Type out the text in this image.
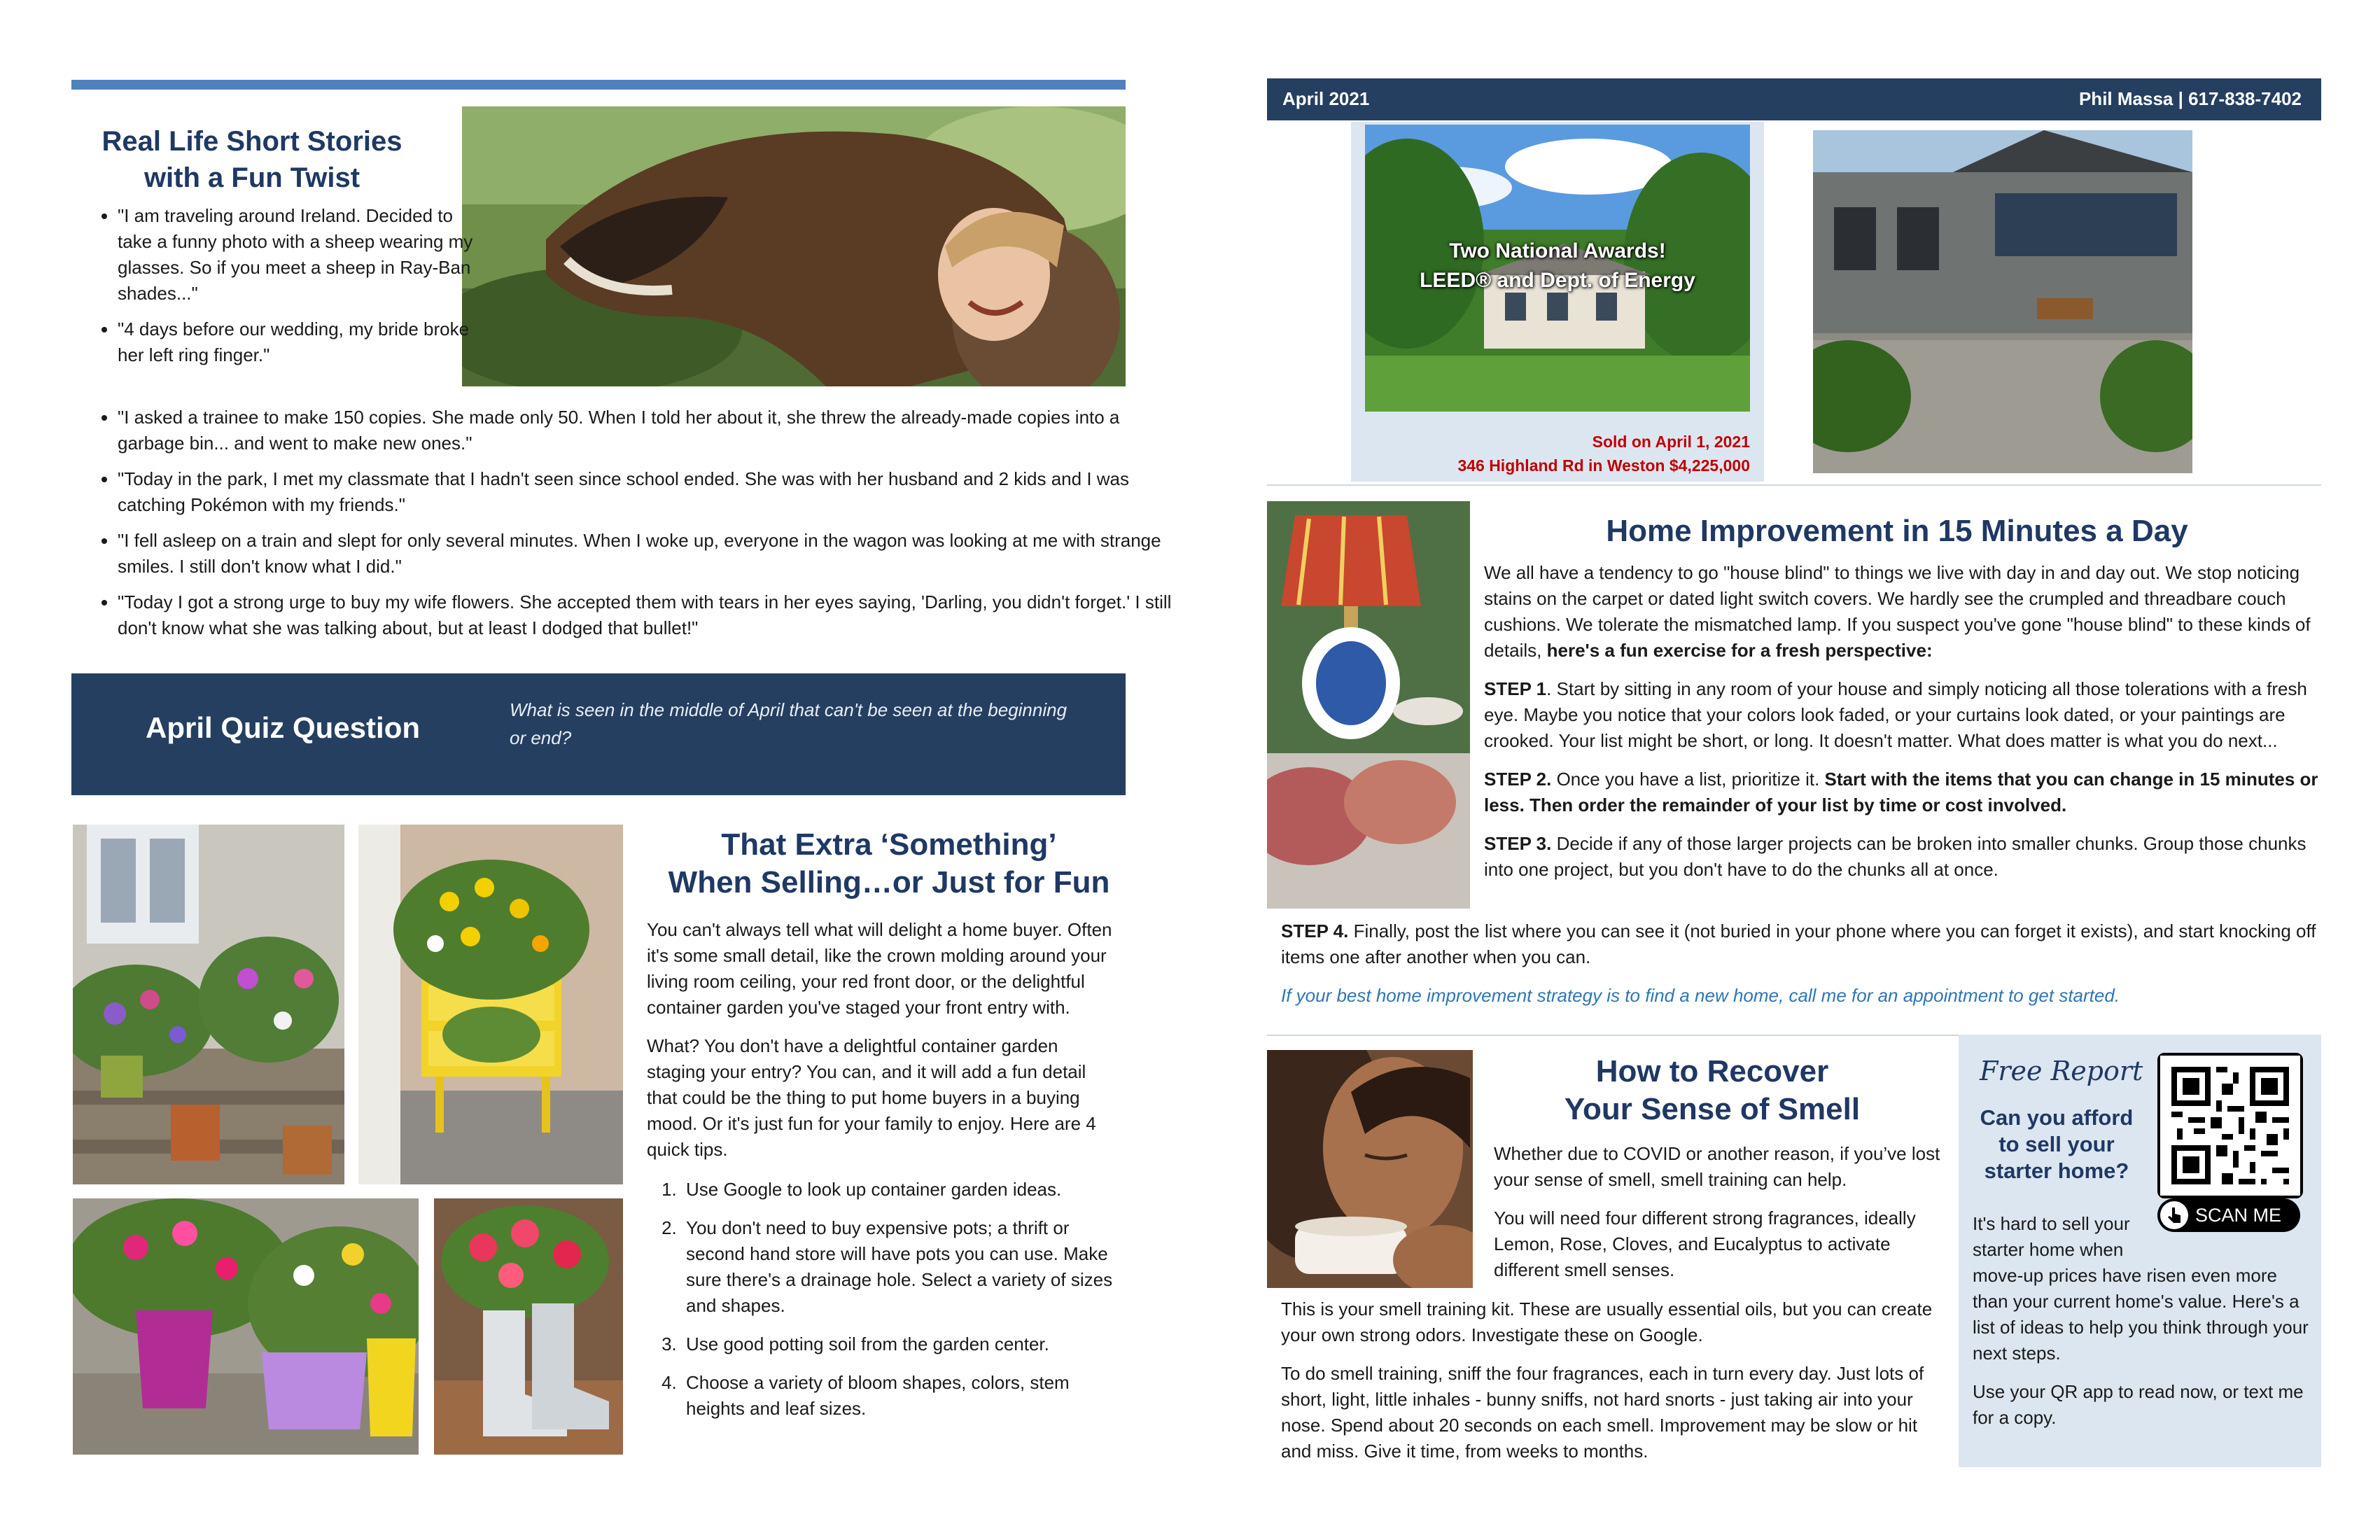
Real Life Short Stories
with a Fun Twist
• "I am traveling around Ireland. Decided to take a funny photo with a sheep wearing my glasses. So if you meet a sheep in Ray-Ban shades..."
• "4 days before our wedding, my bride broke her left ring finger."
• "I asked a trainee to make 150 copies. She made only 50. When I told her about it, she threw the already-made copies into a garbage bin... and went to make new ones."
• "Today in the park, I met my classmate that I hadn't seen since school ended. She was with her husband and 2 kids and I was catching Pokémon with my friends."
• "I fell asleep on a train and slept for only several minutes. When I woke up, everyone in the wagon was looking at me with strange smiles. I still don't know what I did."
• "Today I got a strong urge to buy my wife flowers. She accepted them with tears in her eyes saying, 'Darling, you didn't forget.' I still don't know what she was talking about, but at least I dodged that bullet!"
April Quiz Question
What is seen in the middle of April that can't be seen at the beginning or end?
That Extra ‘Something’
When Selling…or Just for Fun

You can't always tell what will delight a home buyer. Often it's some small detail, like the crown molding around your living room ceiling, your red front door, or the delightful container garden you've staged your front entry with.

What? You don't have a delightful container garden staging your entry? You can, and it will add a fun detail that could be the thing to put home buyers in a buying mood. Or it's just fun for your family to enjoy. Here are 4 quick tips.

1. Use Google to look up container garden ideas.
2. You don't need to buy expensive pots; a thrift or second hand store will have pots you can use. Make sure there's a drainage hole. Select a variety of sizes and shapes.
3. Use good potting soil from the garden center.
4. Choose a variety of bloom shapes, colors, stem heights and leaf sizes.
April 2021	Phil Massa | 617-838-7402
Two National Awards!
LEED® and Dept. of Energy
Sold on April 1, 2021
346 Highland Rd in Weston $4,225,000
Home Improvement in 15 Minutes a Day

We all have a tendency to go "house blind" to things we live with day in and day out. We stop noticing stains on the carpet or dated light switch covers. We hardly see the crumpled and threadbare couch cushions. We tolerate the mismatched lamp. If you suspect you've gone "house blind" to these kinds of details, here's a fun exercise for a fresh perspective:

STEP 1. Start by sitting in any room of your house and simply noticing all those tolerations with a fresh eye. Maybe you notice that your colors look faded, or your curtains look dated, or your paintings are crooked. Your list might be short, or long. It doesn't matter. What does matter is what you do next...

STEP 2. Once you have a list, prioritize it. Start with the items that you can change in 15 minutes or less. Then order the remainder of your list by time or cost involved.

STEP 3. Decide if any of those larger projects can be broken into smaller chunks. Group those chunks into one project, but you don't have to do the chunks all at once.

STEP 4. Finally, post the list where you can see it (not buried in your phone where you can forget it exists), and start knocking off items one after another when you can.

If your best home improvement strategy is to find a new home, call me for an appointment to get started.

How to Recover
Your Sense of Smell

Whether due to COVID or another reason, if you’ve lost your sense of smell, smell training can help.

You will need four different strong fragrances, ideally Lemon, Rose, Cloves, and Eucalyptus to activate different smell senses.

This is your smell training kit. These are usually essential oils, but you can create your own strong odors. Investigate these on Google.

To do smell training, sniff the four fragrances, each in turn every day. Just lots of short, light, little inhales - bunny sniffs, not hard snorts - just taking air into your nose. Spend about 20 seconds on each smell. Improvement may be slow or hit and miss. Give it time, from weeks to months.

Free Report
Can you afford to sell your starter home?
SCAN ME

It's hard to sell your starter home when move-up prices have risen even more than your current home's value. Here's a list of ideas to help you think through your next steps.

Use your QR app to read now, or text me for a copy.
